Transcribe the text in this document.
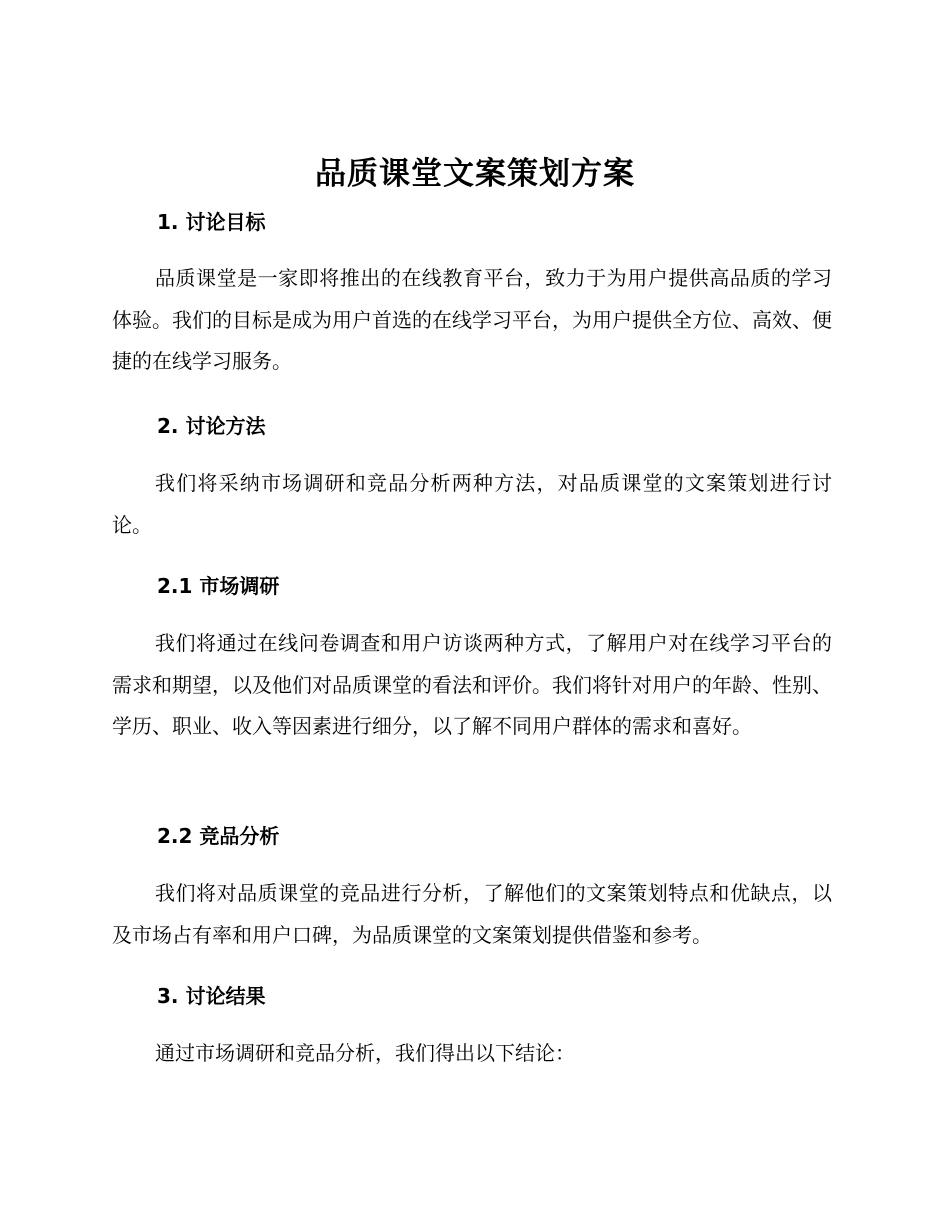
品质课堂文案策划方案
1. 讨论目标

品质课堂是一家即将推出的在线教育平台，致力于为用户提供高品质的学习体验。我们的目标是成为用户首选的在线学习平台，为用户提供全方位、高效、便捷的在线学习服务。

2. 讨论方法

我们将采纳市场调研和竞品分析两种方法，对品质课堂的文案策划进行讨论。

2.1 市场调研

我们将通过在线问卷调查和用户访谈两种方式，了解用户对在线学习平台的需求和期望，以及他们对品质课堂的看法和评价。我们将针对用户的年龄、性别、学历、职业、收入等因素进行细分，以了解不同用户群体的需求和喜好。

2.2 竞品分析

我们将对品质课堂的竞品进行分析，了解他们的文案策划特点和优缺点，以及市场占有率和用户口碑，为品质课堂的文案策划提供借鉴和参考。

3. 讨论结果

通过市场调研和竞品分析，我们得出以下结论：
